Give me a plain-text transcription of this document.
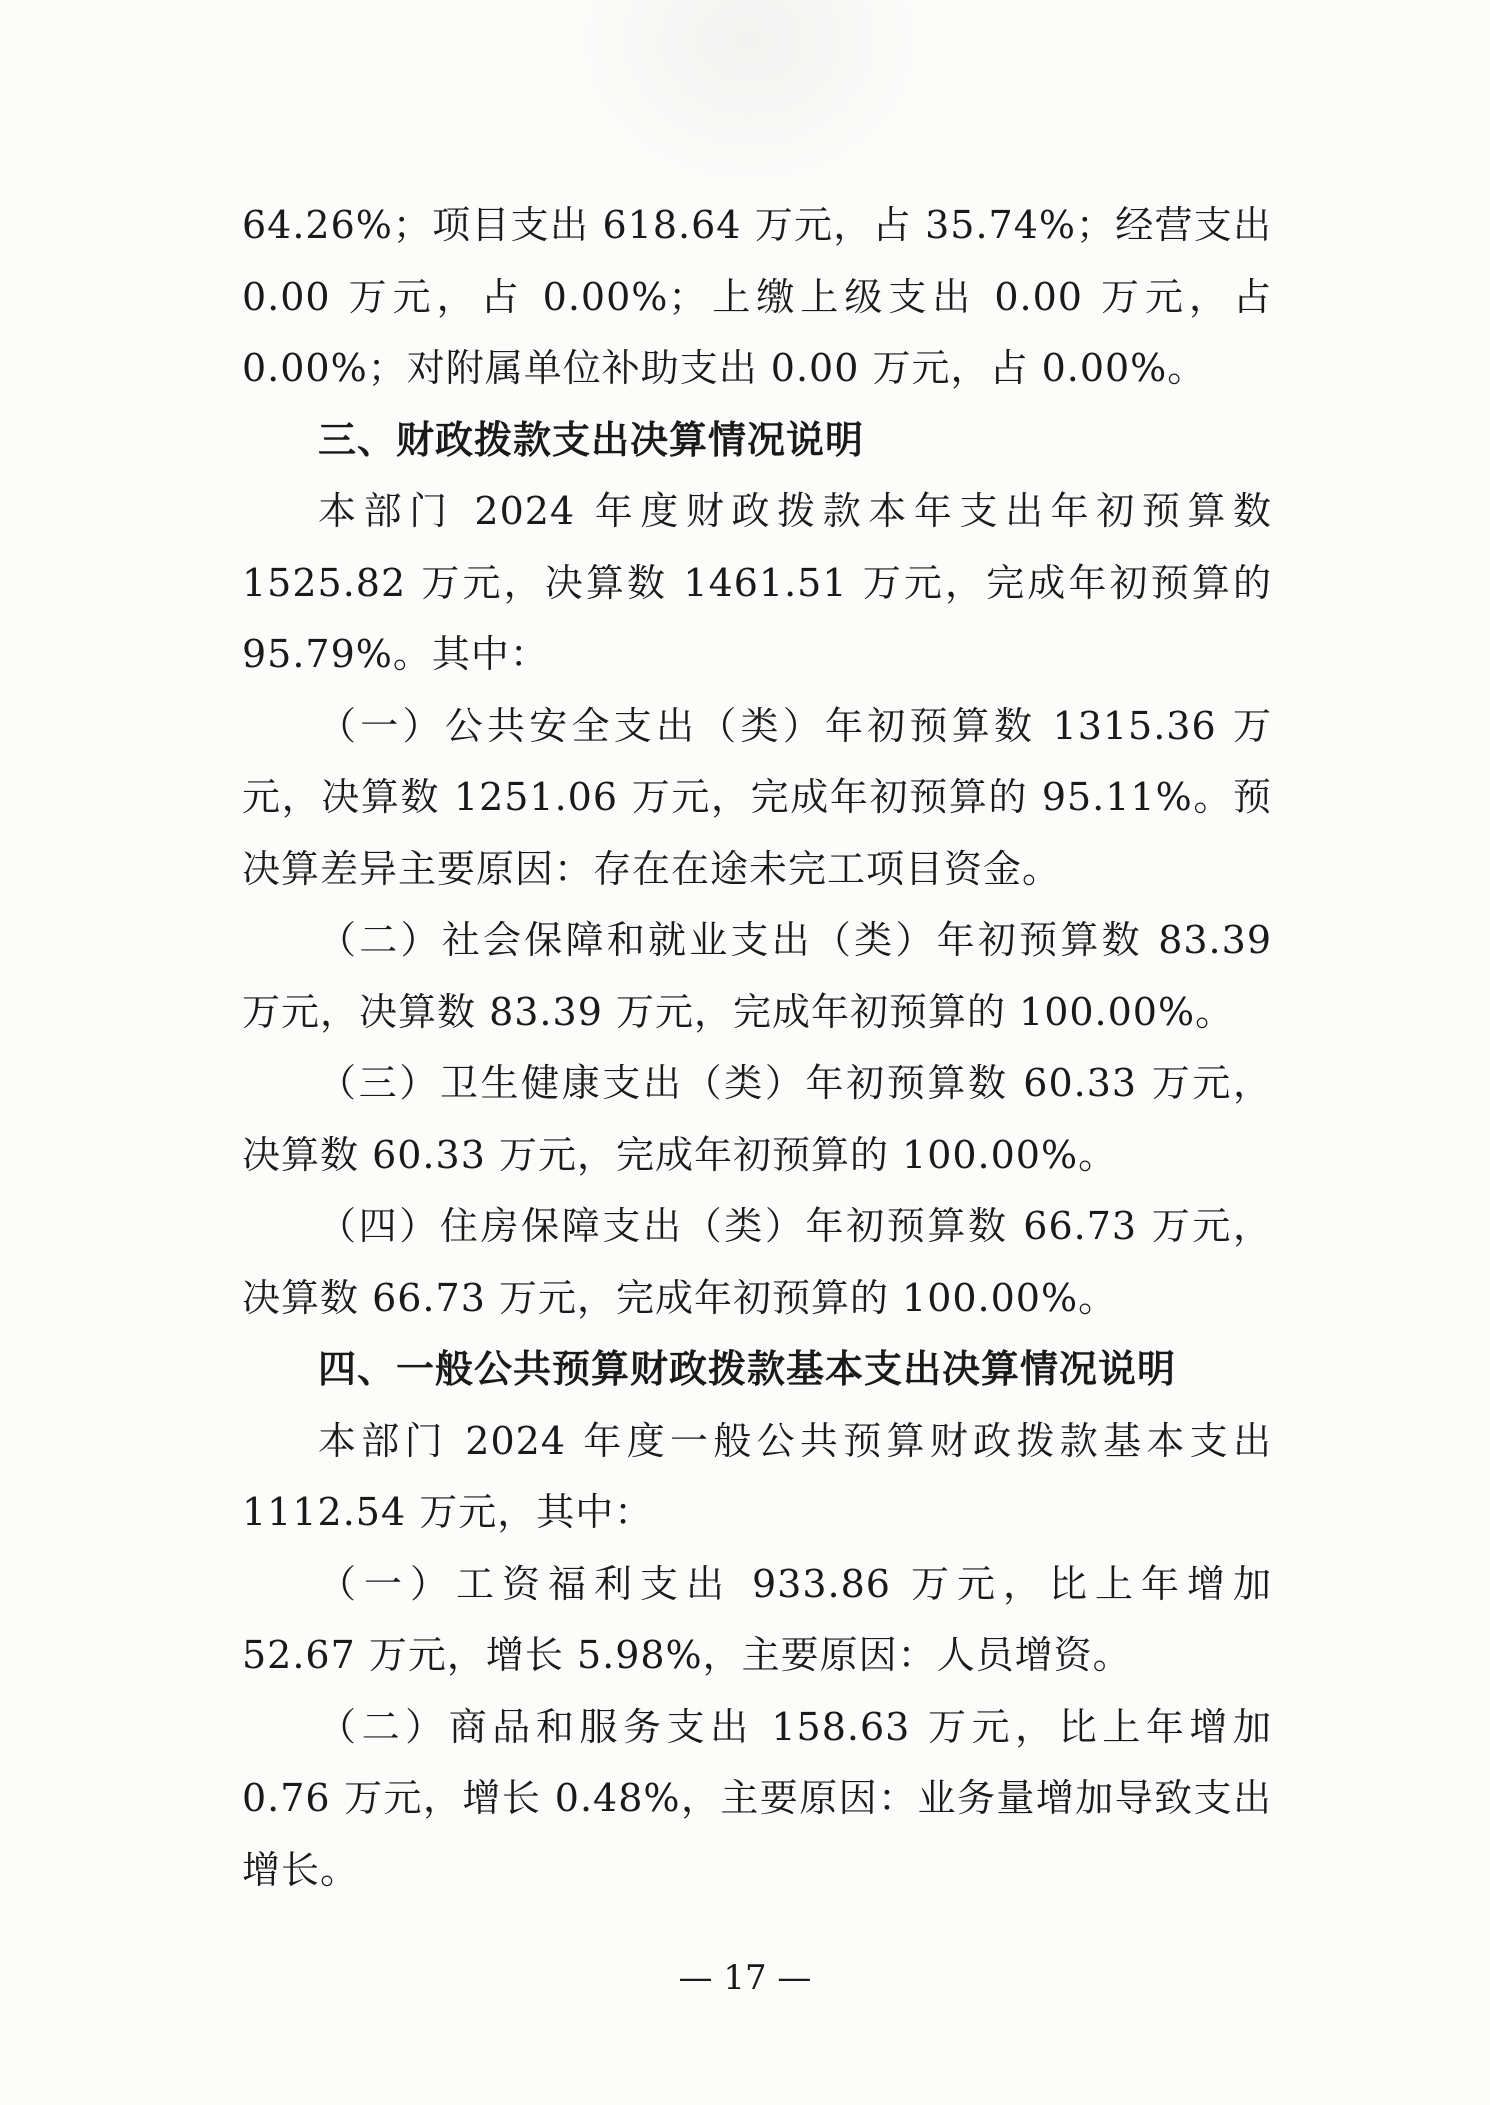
64.26%；项目支出 618.64 万元，占 35.74%；经营支出 0.00 万元，占 0.00%；上缴上级支出 0.00 万元，占 0.00%；对附属单位补助支出 0.00 万元，占 0.00%。

三、财政拨款支出决算情况说明

本部门 2024 年度财政拨款本年支出年初预算数 1525.82 万元，决算数 1461.51 万元，完成年初预算的 95.79%。其中：

（一）公共安全支出（类）年初预算数 1315.36 万元，决算数 1251.06 万元，完成年初预算的 95.11%。预决算差异主要原因：存在在途未完工项目资金。

（二）社会保障和就业支出（类）年初预算数 83.39 万元，决算数 83.39 万元，完成年初预算的 100.00%。

（三）卫生健康支出（类）年初预算数 60.33 万元，决算数 60.33 万元，完成年初预算的 100.00%。

（四）住房保障支出（类）年初预算数 66.73 万元，决算数 66.73 万元，完成年初预算的 100.00%。

四、一般公共预算财政拨款基本支出决算情况说明

本部门 2024 年度一般公共预算财政拨款基本支出 1112.54 万元，其中：

（一）工资福利支出 933.86 万元，比上年增加 52.67 万元，增长 5.98%，主要原因：人员增资。

（二）商品和服务支出 158.63 万元，比上年增加 0.76 万元，增长 0.48%，主要原因：业务量增加导致支出增长。

— 17 —
